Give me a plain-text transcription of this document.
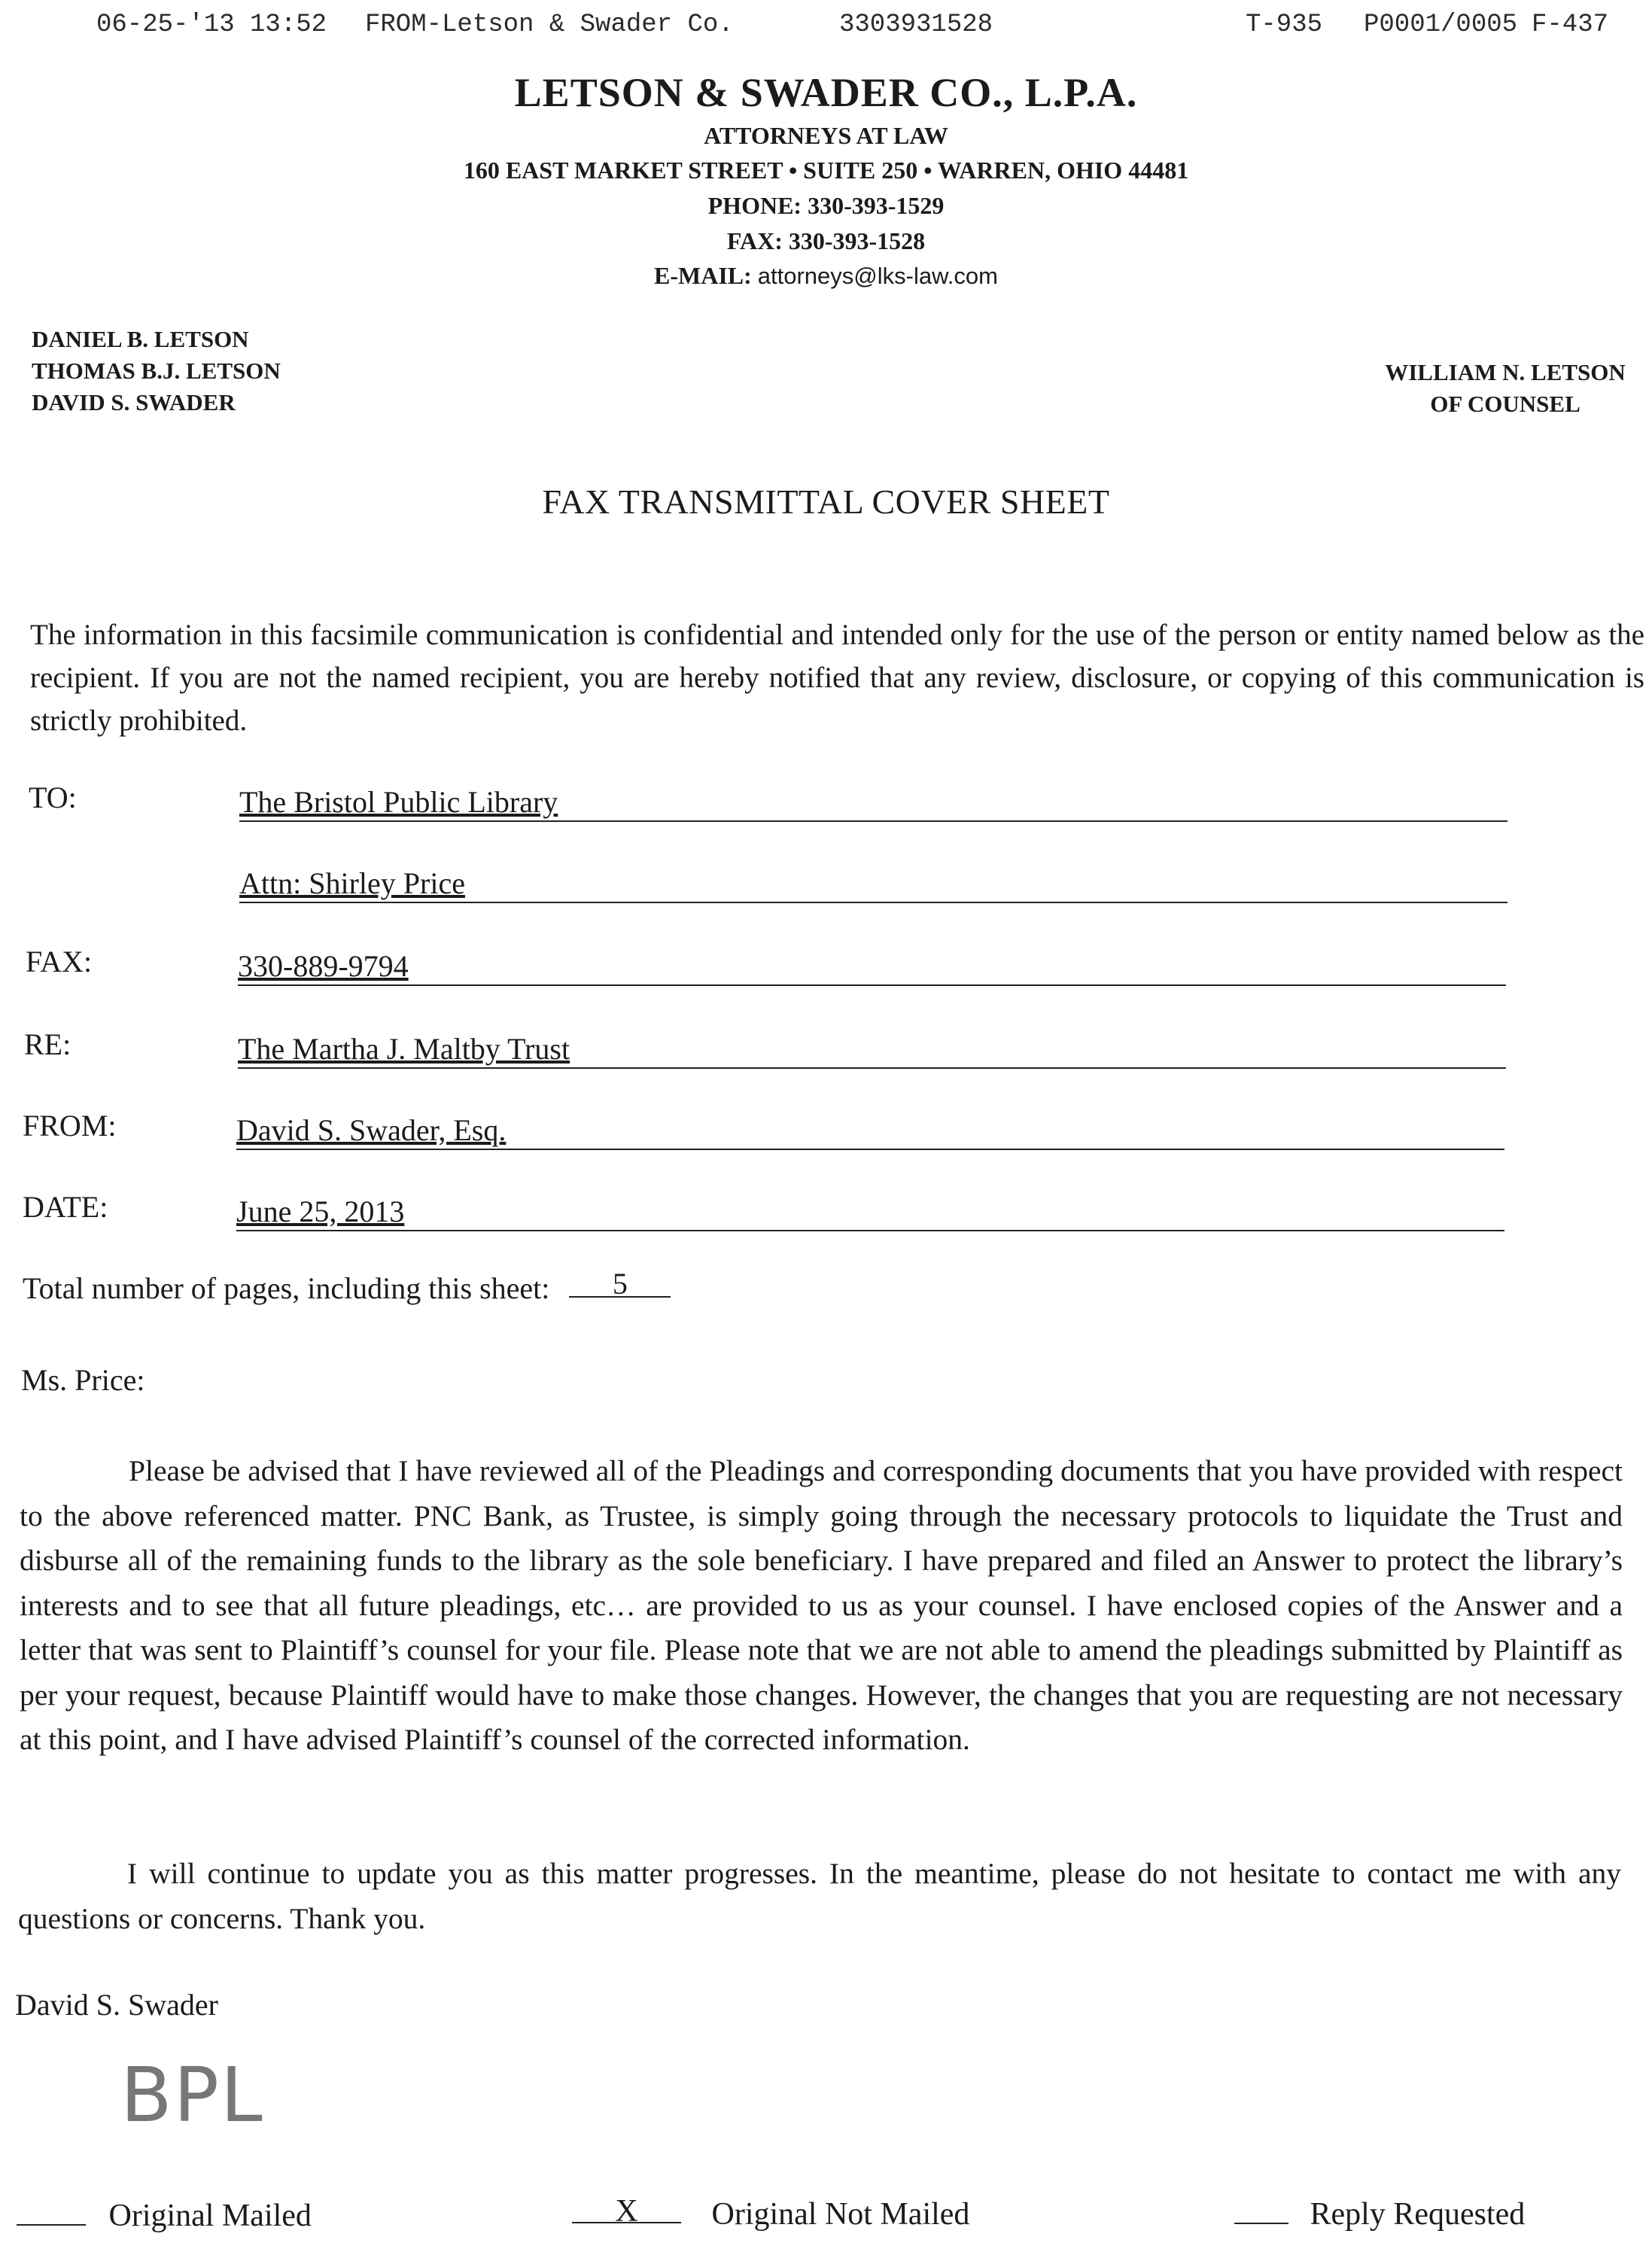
06-25-'13 13:52 FROM-Letson & Swader Co.	3303931528	T-935 P0001/0005 F-437
LETSON & SWADER CO., L.P.A.
ATTORNEYS AT LAW
160 EAST MARKET STREET • SUITE 250 • WARREN, OHIO 44481
PHONE: 330-393-1529
FAX: 330-393-1528
E-MAIL: attorneys@lks-law.com
DANIEL B. LETSON
THOMAS B.J. LETSON
DAVID S. SWADER
WILLIAM N. LETSON
OF COUNSEL
FAX TRANSMITTAL COVER SHEET
The information in this facsimile communication is confidential and intended only for the use of the person or entity named below as the recipient. If you are not the named recipient, you are hereby notified that any review, disclosure, or copying of this communication is strictly prohibited.
TO:	The Bristol Public Library
Attn: Shirley Price
FAX:	330-889-9794
RE:	The Martha J. Maltby Trust
FROM:	David S. Swader, Esq.
DATE:	June 25, 2013
Total number of pages, including this sheet: 5
Ms. Price:
Please be advised that I have reviewed all of the Pleadings and corresponding documents that you have provided with respect to the above referenced matter. PNC Bank, as Trustee, is simply going through the necessary protocols to liquidate the Trust and disburse all of the remaining funds to the library as the sole beneficiary. I have prepared and filed an Answer to protect the library’s interests and to see that all future pleadings, etc… are provided to us as your counsel. I have enclosed copies of the Answer and a letter that was sent to Plaintiff’s counsel for your file. Please note that we are not able to amend the pleadings submitted by Plaintiff as per your request, because Plaintiff would have to make those changes. However, the changes that you are requesting are not necessary at this point, and I have advised Plaintiff’s counsel of the corrected information.
I will continue to update you as this matter progresses. In the meantime, please do not hesitate to contact me with any questions or concerns. Thank you.
David S. Swader
BPL
Original Mailed	X Original Not Mailed	Reply Requested
